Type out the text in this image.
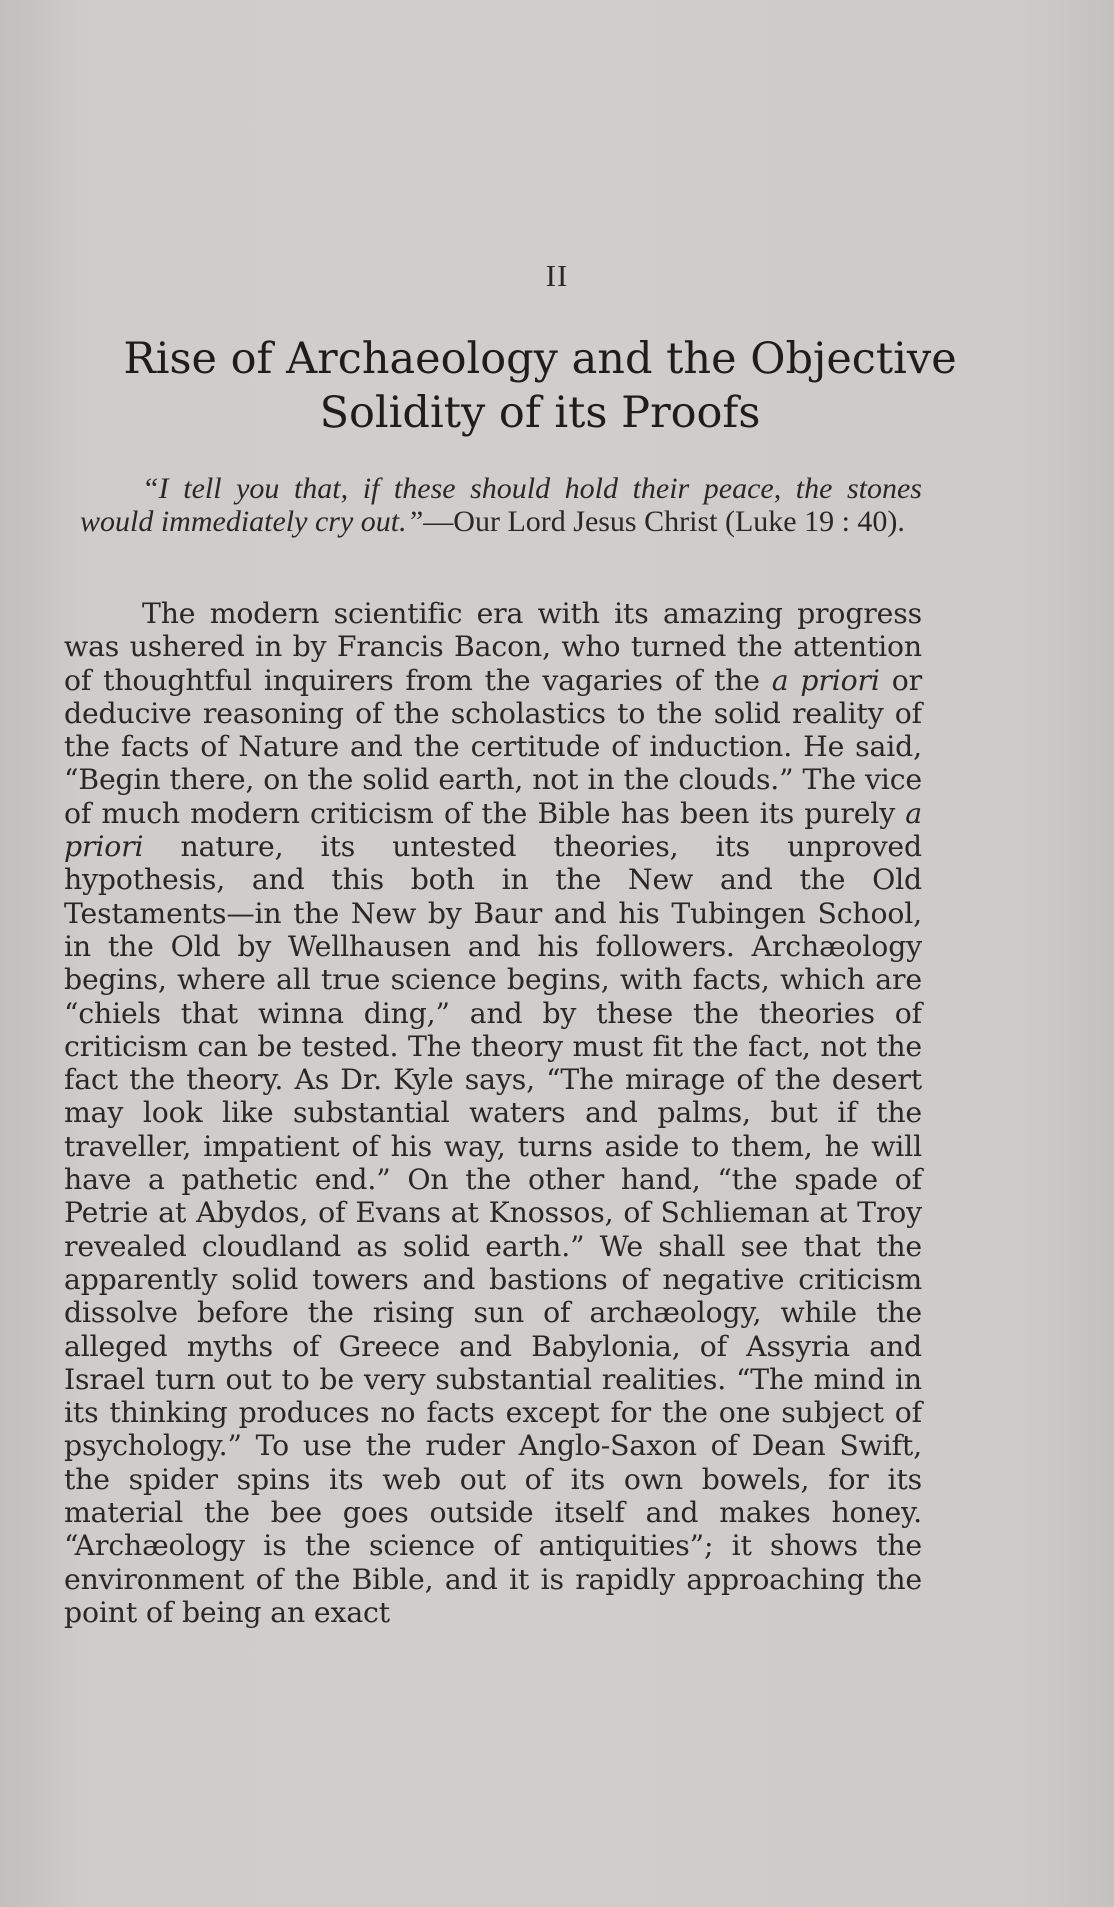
II
Rise of Archaeology and the Objective
Solidity of its Proofs

“I tell you that, if these should hold their peace, the stones would immediately cry out.”—Our Lord Jesus Christ (Luke 19 : 40).

The modern scientific era with its amazing progress was ushered in by Francis Bacon, who turned the attention of thoughtful inquirers from the vagaries of the a priori or deducive reasoning of the scholastics to the solid reality of the facts of Nature and the certitude of induction. He said, “Begin there, on the solid earth, not in the clouds.” The vice of much modern criticism of the Bible has been its purely a priori nature, its untested theories, its unproved hypothesis, and this both in the New and the Old Testaments—in the New by Baur and his Tubingen School, in the Old by Wellhausen and his followers. Archæology begins, where all true science begins, with facts, which are “chiels that winna ding,” and by these the theories of criticism can be tested. The theory must fit the fact, not the fact the theory. As Dr. Kyle says, “The mirage of the desert may look like substantial waters and palms, but if the traveller, impatient of his way, turns aside to them, he will have a pathetic end.” On the other hand, “the spade of Petrie at Abydos, of Evans at Knossos, of Schlieman at Troy revealed cloudland as solid earth.” We shall see that the apparently solid towers and bastions of negative criticism dissolve before the rising sun of archæology, while the alleged myths of Greece and Babylonia, of Assyria and Israel turn out to be very substantial realities. “The mind in its thinking produces no facts except for the one subject of psychology.” To use the ruder Anglo-Saxon of Dean Swift, the spider spins its web out of its own bowels, for its material the bee goes outside itself and makes honey. “Archæology is the science of antiquities”; it shows the environment of the Bible, and it is rapidly approaching the point of being an exact
